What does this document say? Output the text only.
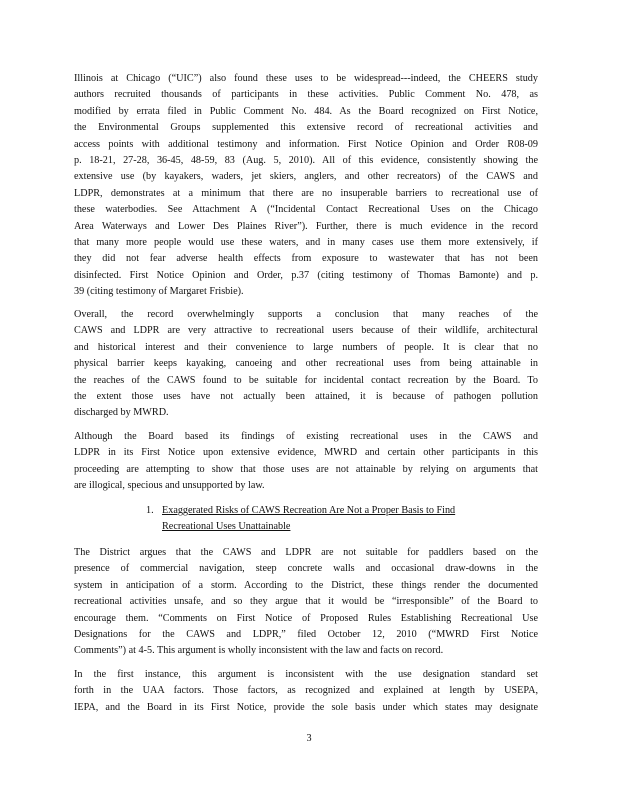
Illinois at Chicago (“UIC”) also found these uses to be widespread---indeed, the CHEERS study
authors recruited thousands of participants in these activities. Public Comment No. 478, as
modified by errata filed in Public Comment No. 484. As the Board recognized on First Notice,
the Environmental Groups supplemented this extensive record of recreational activities and
access points with additional testimony and information. First Notice Opinion and Order R08-09
p. 18-21, 27-28, 36-45, 48-59, 83 (Aug. 5, 2010). All of this evidence, consistently showing the
extensive use (by kayakers, waders, jet skiers, anglers, and other recreators) of the CAWS and
LDPR, demonstrates at a minimum that there are no insuperable barriers to recreational use of
these waterbodies. See Attachment A (“Incidental Contact Recreational Uses on the Chicago
Area Waterways and Lower Des Plaines River”). Further, there is much evidence in the record
that many more people would use these waters, and in many cases use them more extensively, if
they did not fear adverse health effects from exposure to wastewater that has not been
disinfected. First Notice Opinion and Order, p.37 (citing testimony of Thomas Bamonte) and p.
39 (citing testimony of Margaret Frisbie).
Overall, the record overwhelmingly supports a conclusion that many reaches of the
CAWS and LDPR are very attractive to recreational users because of their wildlife, architectural
and historical interest and their convenience to large numbers of people. It is clear that no
physical barrier keeps kayaking, canoeing and other recreational uses from being attainable in
the reaches of the CAWS found to be suitable for incidental contact recreation by the Board. To
the extent those uses have not actually been attained, it is because of pathogen pollution
discharged by MWRD.
Although the Board based its findings of existing recreational uses in the CAWS and
LDPR in its First Notice upon extensive evidence, MWRD and certain other participants in this
proceeding are attempting to show that those uses are not attainable by relying on arguments that
are illogical, specious and unsupported by law.
1. Exaggerated Risks of CAWS Recreation Are Not a Proper Basis to Find
Recreational Uses Unattainable
The District argues that the CAWS and LDPR are not suitable for paddlers based on the
presence of commercial navigation, steep concrete walls and occasional draw-downs in the
system in anticipation of a storm. According to the District, these things render the documented
recreational activities unsafe, and so they argue that it would be “irresponsible” of the Board to
encourage them. “Comments on First Notice of Proposed Rules Establishing Recreational Use
Designations for the CAWS and LDPR,” filed October 12, 2010 (“MWRD First Notice
Comments”) at 4-5. This argument is wholly inconsistent with the law and facts on record.
In the first instance, this argument is inconsistent with the use designation standard set
forth in the UAA factors. Those factors, as recognized and explained at length by USEPA,
IEPA, and the Board in its First Notice, provide the sole basis under which states may designate
3
